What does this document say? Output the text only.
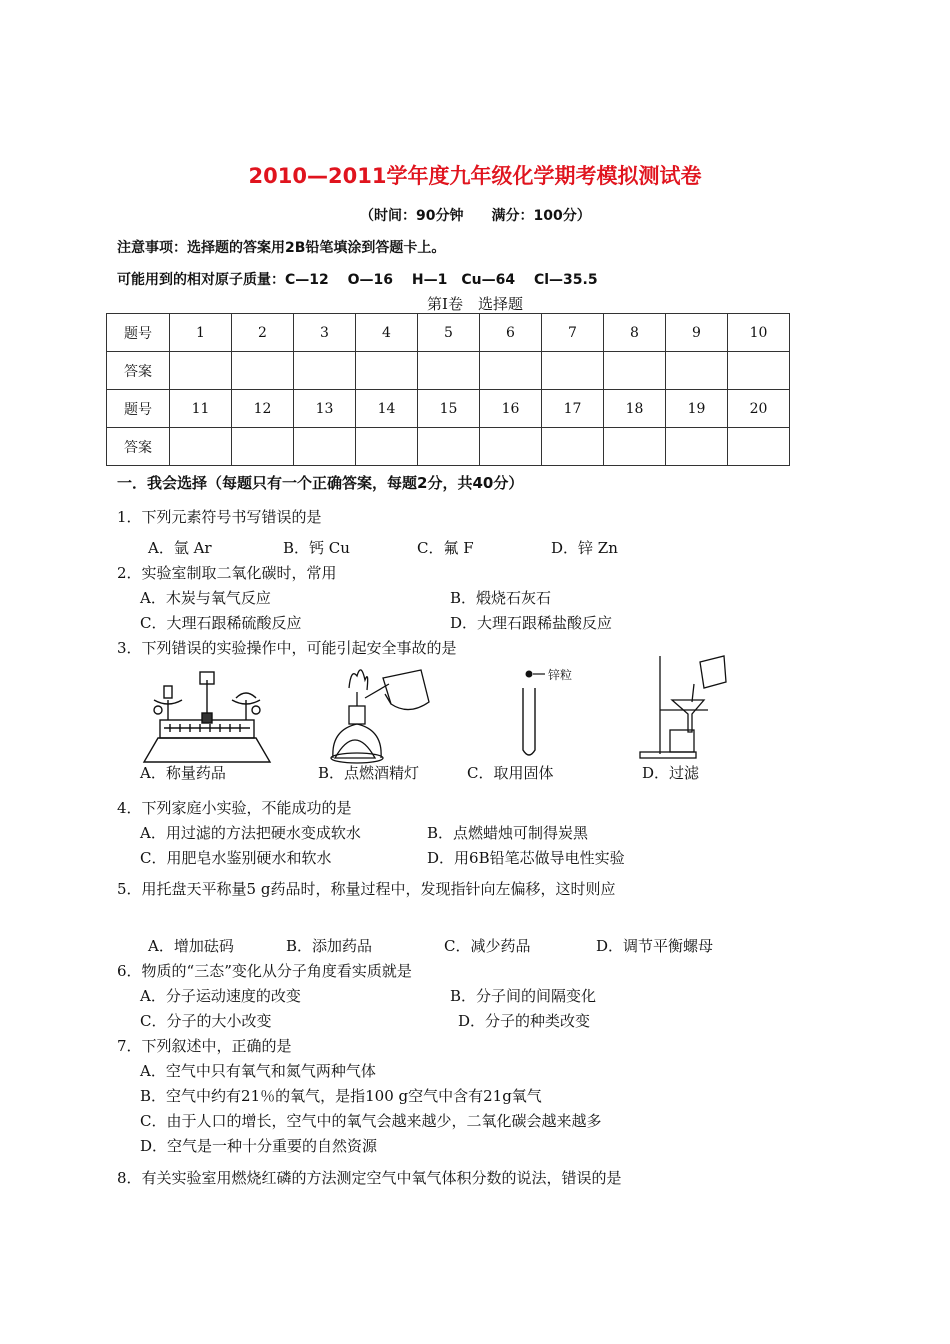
2010—2011学年度九年级化学期考模拟测试卷
（时间：90分钟　　满分：100分）
注意事项：选择题的答案用2B铅笔填涂到答题卡上。
可能用到的相对原子质量：C—12　 O—16　 H—1　Cu—64　 Cl—35.5
第Ⅰ卷　选择题
题号	1	2	3	4	5	6	7	8	9	10
答案										
题号	11	12	13	14	15	16	17	18	19	20
答案										
一．我会选择（每题只有一个正确答案，每题2分，共40分）
1．下列元素符号书写错误的是
A．氩 Ar	B．钙 Cu	C．氟 F	D．锌 Zn
2．实验室制取二氧化碳时，常用
A．木炭与氧气反应	B．煅烧石灰石
C．大理石跟稀硫酸反应	D．大理石跟稀盐酸反应
3．下列错误的实验操作中，可能引起安全事故的是
A．称量药品	B．点燃酒精灯
锌粒
C．取用固体	D．过滤
4．下列家庭小实验，不能成功的是
A．用过滤的方法把硬水变成软水	B．点燃蜡烛可制得炭黑
C．用肥皂水鉴别硬水和软水	D．用6B铅笔芯做导电性实验
5．用托盘天平称量5 g药品时，称量过程中，发现指针向左偏移，这时则应
A．增加砝码	B．添加药品	C．减少药品	D．调节平衡螺母
6．物质的“三态”变化从分子角度看实质就是
A．分子运动速度的改变	B．分子间的间隔变化
C．分子的大小改变	D．分子的种类改变
7．下列叙述中，正确的是
A．空气中只有氧气和氮气两种气体
B．空气中约有21％的氧气，是指100 g空气中含有21g氧气
C．由于人口的增长，空气中的氧气会越来越少，二氧化碳会越来越多
D．空气是一种十分重要的自然资源
8．有关实验室用燃烧红磷的方法测定空气中氧气体积分数的说法，错误的是
